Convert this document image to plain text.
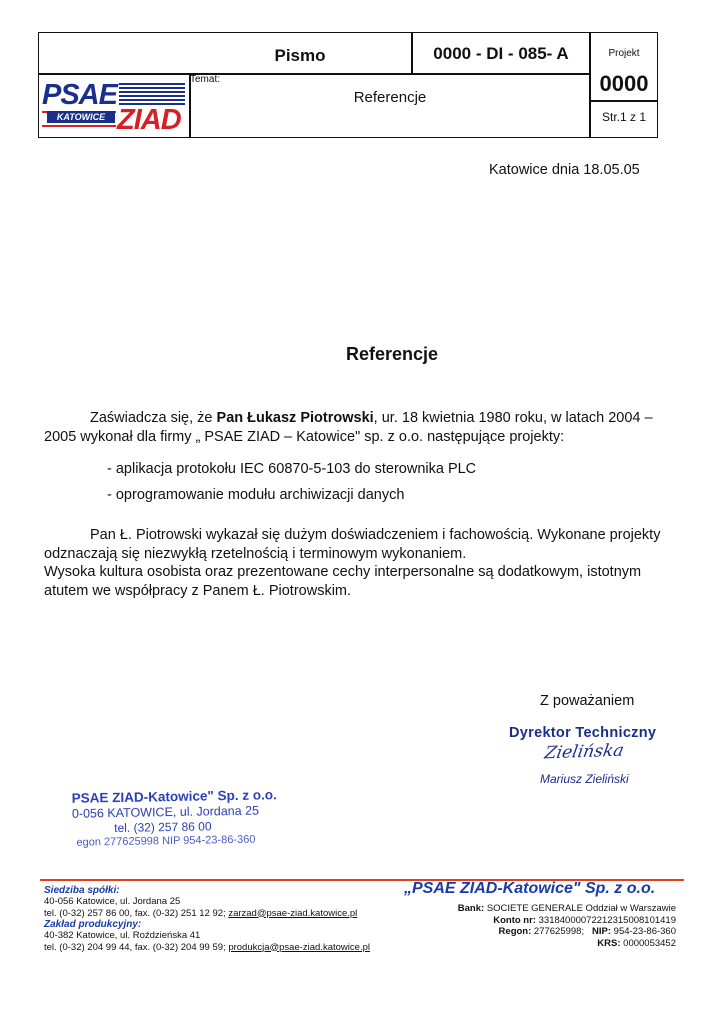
Pismo	0000 - DI - 085- A	Projekt
0000
Str.1 z 1
Temat:
Referencje
PSAE
KATOWICE ZIAD
Katowice dnia 18.05.05
Referencje
Zaświadcza się, że Pan Łukasz Piotrowski, ur. 18 kwietnia 1980 roku, w latach 2004 –
2005 wykonał dla firmy „ PSAE ZIAD – Katowice" sp. z o.o. następujące projekty:
- aplikacja protokołu IEC 60870-5-103 do sterownika PLC
- oprogramowanie modułu archiwizacji danych
Pan Ł. Piotrowski wykazał się dużym doświadczeniem i fachowością. Wykonane projekty
odznaczają się niezwykłą rzetelnością i terminowym wykonaniem.
Wysoka kultura osobista oraz prezentowane cechy interpersonalne są dodatkowym, istotnym
atutem we współpracy z Panem Ł. Piotrowskim.
Z poważaniem
Dyrektor Techniczny
Zielińska
Mariusz Zieliński
PSAE ZIAD-Katowice" Sp. z o.o.
0-056 KATOWICE, ul. Jordana 25
tel. (32) 257 86 00
egon 277625998 NIP 954-23-86-360
Siedziba spółki:
40-056 Katowice, ul. Jordana 25
tel. (0-32) 257 86 00, fax. (0-32) 251 12 92; zarzad@psae-ziad.katowice.pl
Zakład produkcyjny:
40-382 Katowice, ul. Roździeńska 41
tel. (0-32) 204 99 44, fax. (0-32) 204 99 59; produkcja@psae-ziad.katowice.pl
„PSAE ZIAD-Katowice" Sp. z o.o.
Bank: SOCIETE GENERALE Oddział w Warszawie
Konto nr: 33184000072212315008101419
Regon: 277625998; NIP: 954-23-86-360
KRS: 0000053452
